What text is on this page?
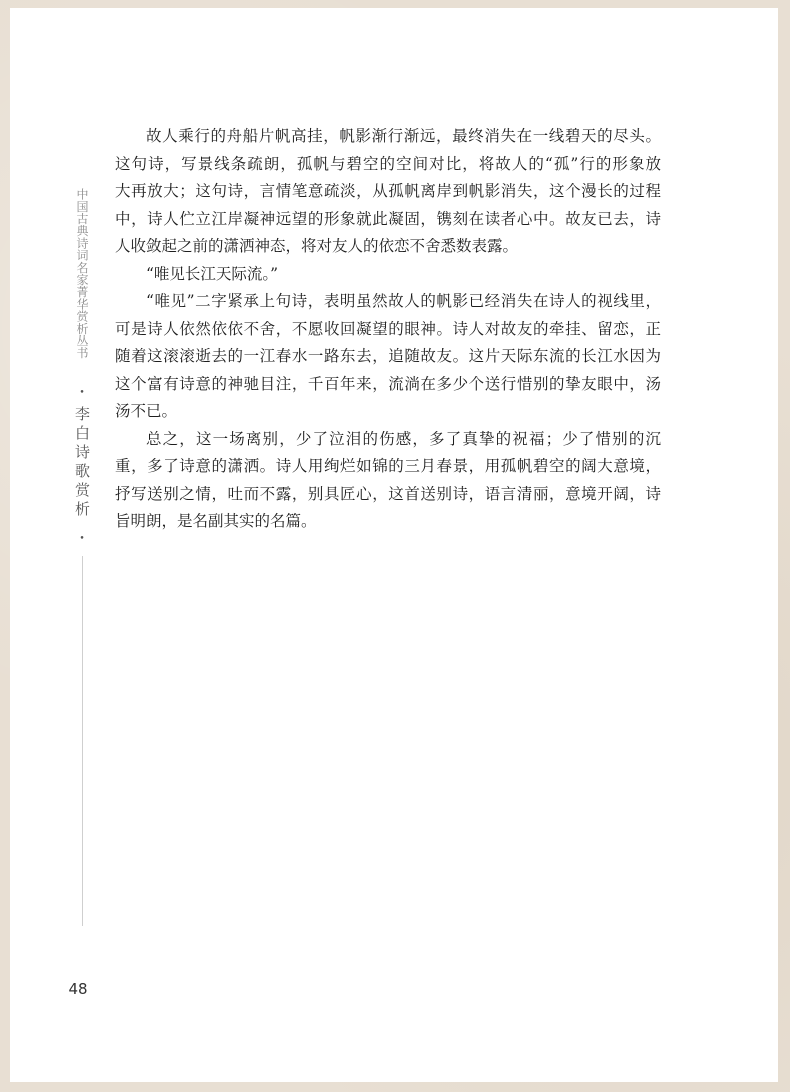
中国古典诗词名家菁华赏析丛书
•
李白诗歌赏析
•
故人乘行的舟船片帆高挂，帆影渐行渐远，最终消失在一线碧天的尽头。
这句诗，写景线条疏朗，孤帆与碧空的空间对比，将故人的“孤”行的形象放
大再放大；这句诗，言情笔意疏淡，从孤帆离岸到帆影消失，这个漫长的过程
中，诗人伫立江岸凝神远望的形象就此凝固，镌刻在读者心中。故友已去，诗
人收敛起之前的潇洒神态，将对友人的依恋不舍悉数表露。
“唯见长江天际流。”
“唯见”二字紧承上句诗，表明虽然故人的帆影已经消失在诗人的视线里，
可是诗人依然依依不舍，不愿收回凝望的眼神。诗人对故友的牵挂、留恋，正
随着这滚滚逝去的一江春水一路东去，追随故友。这片天际东流的长江水因为
这个富有诗意的神驰目注，千百年来，流淌在多少个送行惜别的挚友眼中，汤
汤不已。
总之，这一场离别，少了泣泪的伤感，多了真挚的祝福；少了惜别的沉
重，多了诗意的潇洒。诗人用绚烂如锦的三月春景，用孤帆碧空的阔大意境，
抒写送别之情，吐而不露，别具匠心，这首送别诗，语言清丽，意境开阔，诗
旨明朗，是名副其实的名篇。
48
